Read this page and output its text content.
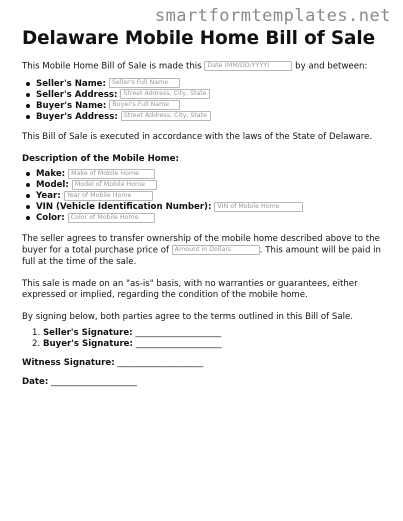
smartformtemplates.net
Delaware Mobile Home Bill of Sale

This Mobile Home Bill of Sale is made this Date (MM/DD/YYYY)	by and between:

Seller's Name: Seller's Full Name
Seller's Address: Street Address, City, State
Buyer's Name: Buyer's Full Name
Buyer's Address: Street Address, City, State

This Bill of Sale is executed in accordance with the laws of the State of Delaware.

Description of the Mobile Home:
Make: Make of Mobile Home
Model: Model of Mobile Home
Year: Year of Mobile Home
VIN (Vehicle Identification Number): VIN of Mobile Home
Color: Color of Mobile Home

The seller agrees to transfer ownership of the mobile home described above to the buyer for a total purchase price of Amount in Dollars	. This amount will be paid in full at the time of the sale.

This sale is made on an "as-is" basis, with no warranties or guarantees, either expressed or implied, regarding the condition of the mobile home.

By signing below, both parties agree to the terms outlined in this Bill of Sale.

1. Seller's Signature: ____________________
2. Buyer's Signature: ____________________
Witness Signature: ____________________
Date: ____________________
